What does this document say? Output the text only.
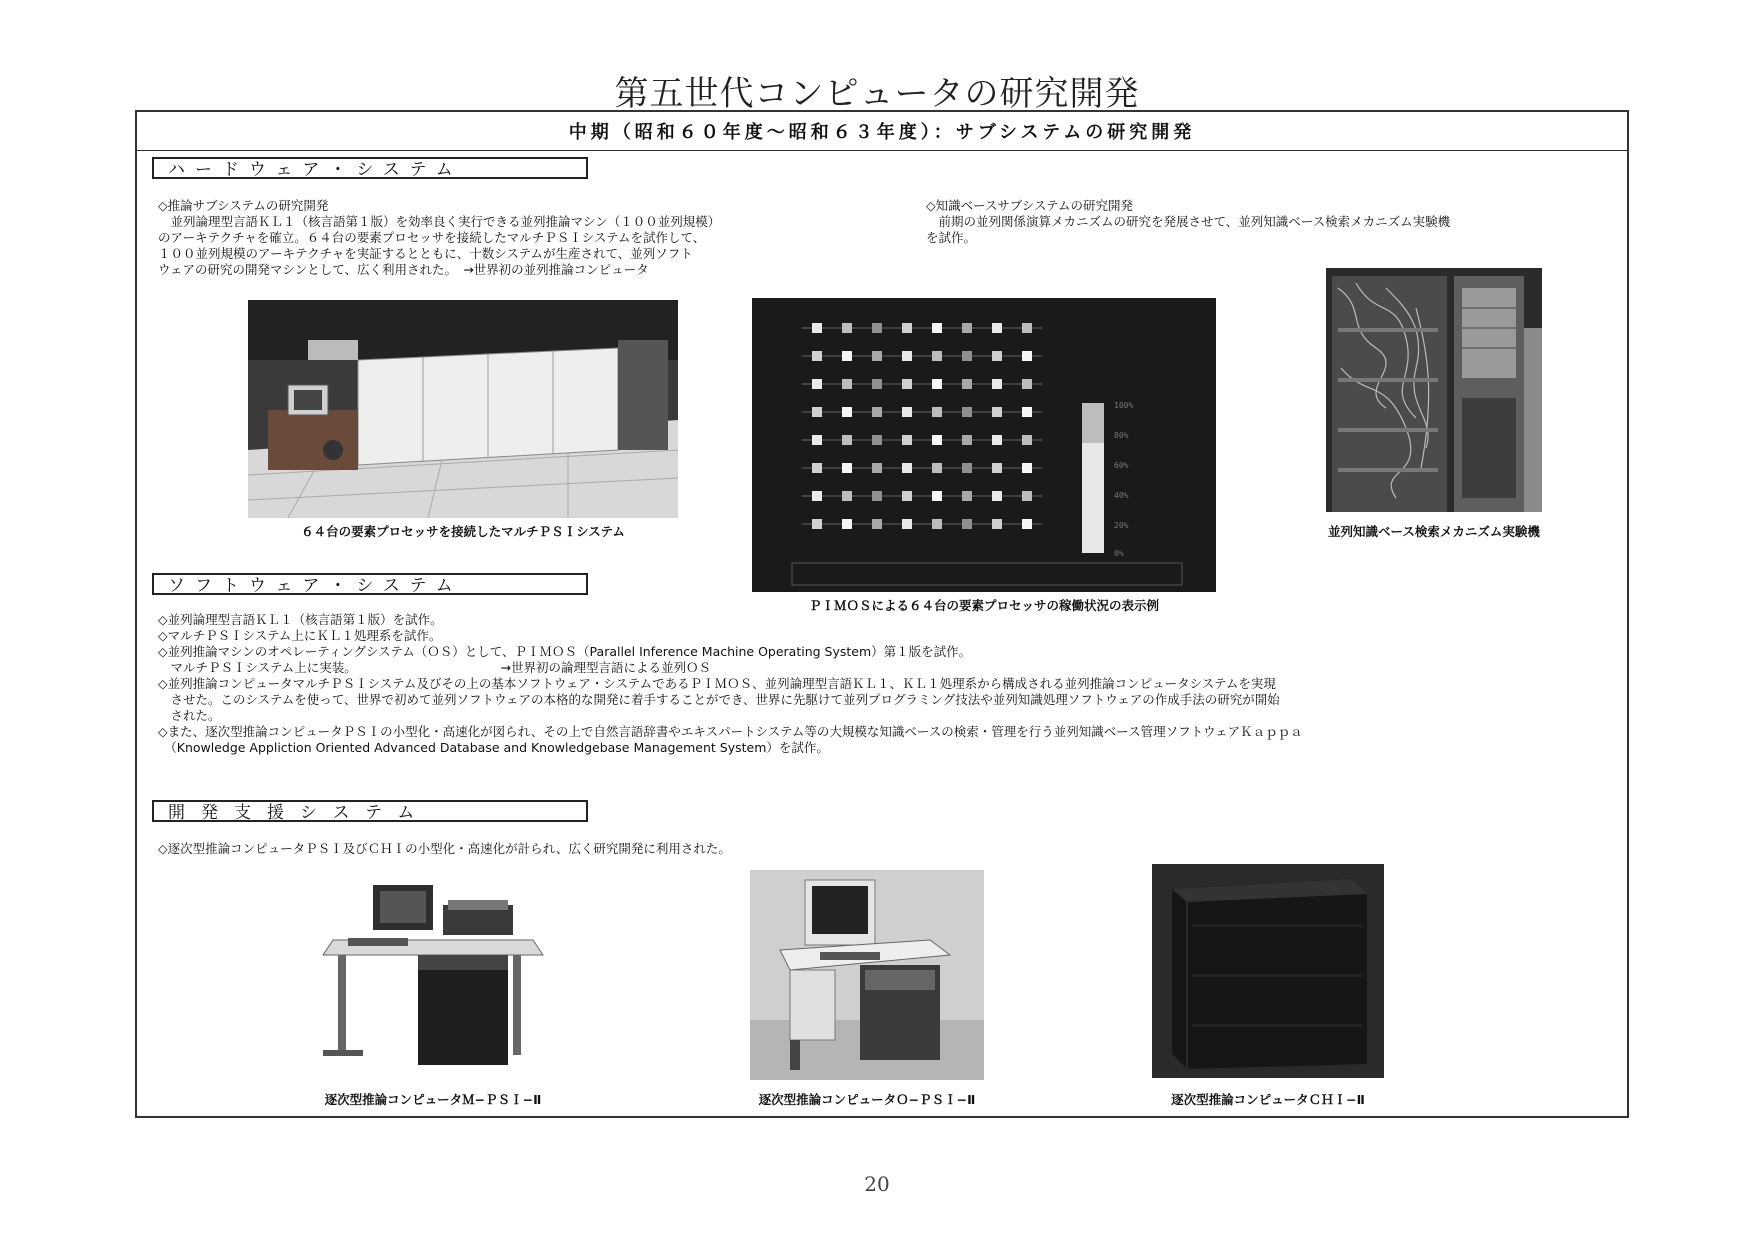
第五世代コンピュータの研究開発
中期（昭和６０年度〜昭和６３年度）：サブシステムの研究開発
ハードウェア・システム
◇推論サブシステムの研究開発
　並列論理型言語ＫＬ１（核言語第１版）を効率良く実行できる並列推論マシン（１００並列規模）
のアーキテクチャを確立。６４台の要素プロセッサを接続したマルチＰＳＩシステムを試作して、
１００並列規模のアーキテクチャを実証するとともに、十数システムが生産されて、並列ソフト
ウェアの研究の開発マシンとして、広く利用された。　→世界初の並列推論コンピュータ
◇知識ベースサブシステムの研究開発
　前期の並列関係演算メカニズムの研究を発展させて、並列知識ベース検索メカニズム実験機
を試作。
６４台の要素プロセッサを接続したマルチＰＳＩシステム
100%
80%
60%
40%
20%
0%
ＰＩＭＯＳによる６４台の要素プロセッサの稼働状況の表示例
並列知識ベース検索メカニズム実験機
ソフトウェア・システム
◇並列論理型言語ＫＬ１（核言語第１版）を試作。
◇マルチＰＳＩシステム上にＫＬ１処理系を試作。
◇並列推論マシンのオペレーティングシステム（ＯＳ）として、ＰＩＭＯＳ（Parallel Inference Machine Operating System）第１版を試作。
　マルチＰＳＩシステム上に実装。　　　　　　　　　　　　→世界初の論理型言語による並列ＯＳ
◇並列推論コンピュータマルチＰＳＩシステム及びその上の基本ソフトウェア・システムであるＰＩＭＯＳ、並列論理型言語ＫＬ１、ＫＬ１処理系から構成される並列推論コンピュータシステムを実現
　させた。このシステムを使って、世界で初めて並列ソフトウェアの本格的な開発に着手することができ、世界に先駆けて並列プログラミング技法や並列知識処理ソフトウェアの作成手法の研究が開始
　された。
◇また、逐次型推論コンピュータＰＳＩの小型化・高速化が図られ、その上で自然言語辞書やエキスパートシステム等の大規模な知識ベースの検索・管理を行う並列知識ベース管理ソフトウェアＫａｐｐａ
　（Knowledge Appliction Oriented Advanced Database and Knowledgebase Management System）を試作。
開発支援システム
◇逐次型推論コンピュータＰＳＩ及びＣＨＩの小型化・高速化が計られ、広く研究開発に利用された。
逐次型推論コンピュータＭ−ＰＳＩ−Ⅱ	逐次型推論コンピュータＯ−ＰＳＩ−Ⅱ	逐次型推論コンピュータＣＨＩ−Ⅱ
20
